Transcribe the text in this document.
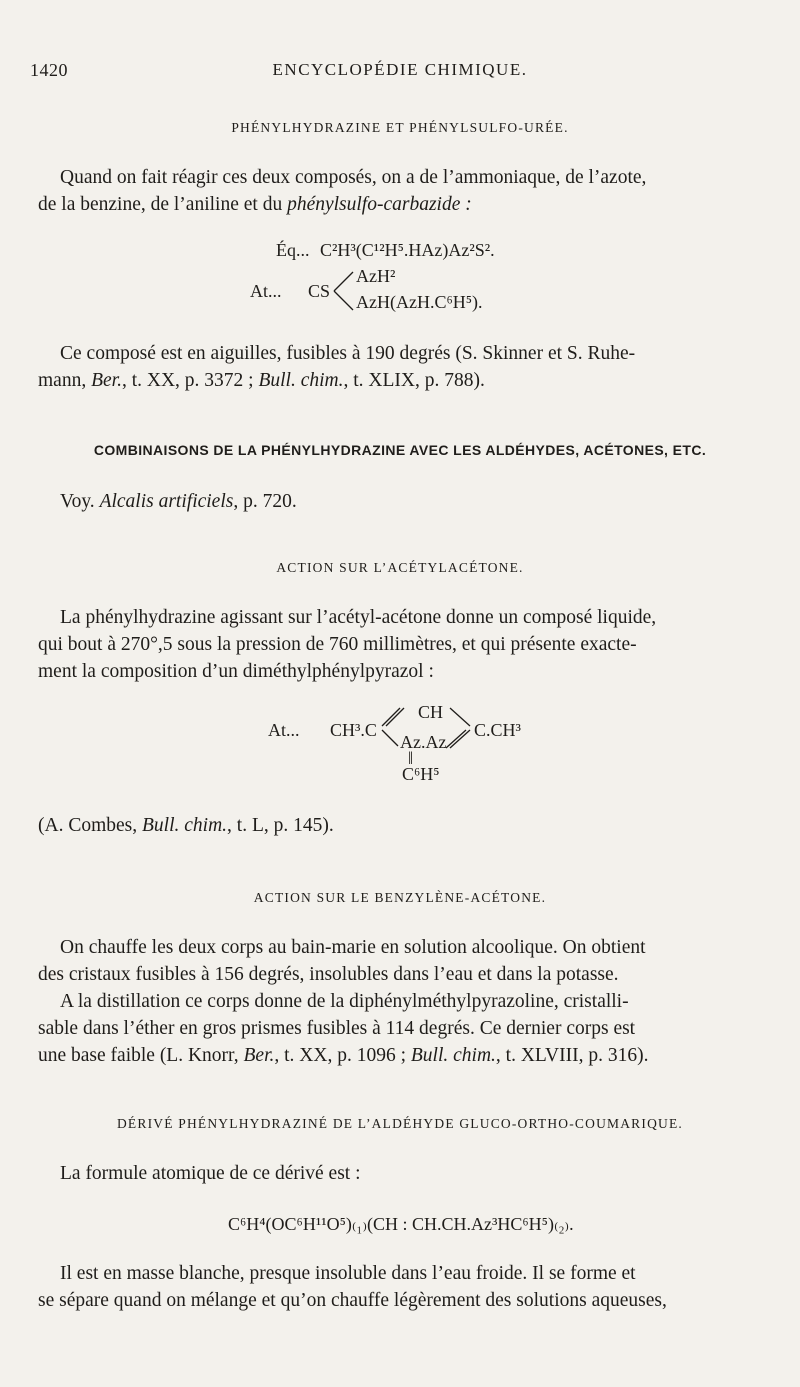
1420	ENCYCLOPÉDIE CHIMIQUE.
PHÉNYLHYDRAZINE ET PHÉNYLSULFO-URÉE.
Quand on fait réagir ces deux composés, on a de l’ammoniaque, de l’azote,
de la benzine, de l’aniline et du phénylsulfo-carbazide :
Éq... C²H³(C¹²H⁵.HAz)Az²S².
At... CS
AzH²
AzH(AzH.C⁶H⁵).
Ce composé est en aiguilles, fusibles à 190 degrés (S. Skinner et S. Ruhe-
mann, Ber., t. XX, p. 3372 ; Bull. chim., t. XLIX, p. 788).
COMBINAISONS DE LA PHÉNYLHYDRAZINE AVEC LES ALDÉHYDES, ACÉTONES, ETC.
Voy. Alcalis artificiels, p. 720.
ACTION SUR L’ACÉTYLACÉTONE.
La phénylhydrazine agissant sur l’acétyl-acétone donne un composé liquide,
qui bout à 270°,5 sous la pression de 760 millimètres, et qui présente exacte-
ment la composition d’un diméthylphénylpyrazol :
At... CH³.C
CH
C.CH³
Az.Az
‖
C⁶H⁵
(A. Combes, Bull. chim., t. L, p. 145).
ACTION SUR LE BENZYLÈNE-ACÉTONE.
On chauffe les deux corps au bain-marie en solution alcoolique. On obtient
des cristaux fusibles à 156 degrés, insolubles dans l’eau et dans la potasse.
A la distillation ce corps donne de la diphénylméthylpyrazoline, cristalli-
sable dans l’éther en gros prismes fusibles à 114 degrés. Ce dernier corps est
une base faible (L. Knorr, Ber., t. XX, p. 1096 ; Bull. chim., t. XLVIII, p. 316).
DÉRIVÉ PHÉNYLHYDRAZINÉ DE L’ALDÉHYDE GLUCO-ORTHO-COUMARIQUE.
La formule atomique de ce dérivé est :
C⁶H⁴(OC⁶H¹¹O⁵)₍₁₎(CH : CH.CH.Az³HC⁶H⁵)₍₂₎.
Il est en masse blanche, presque insoluble dans l’eau froide. Il se forme et
se sépare quand on mélange et qu’on chauffe légèrement des solutions aqueuses,
